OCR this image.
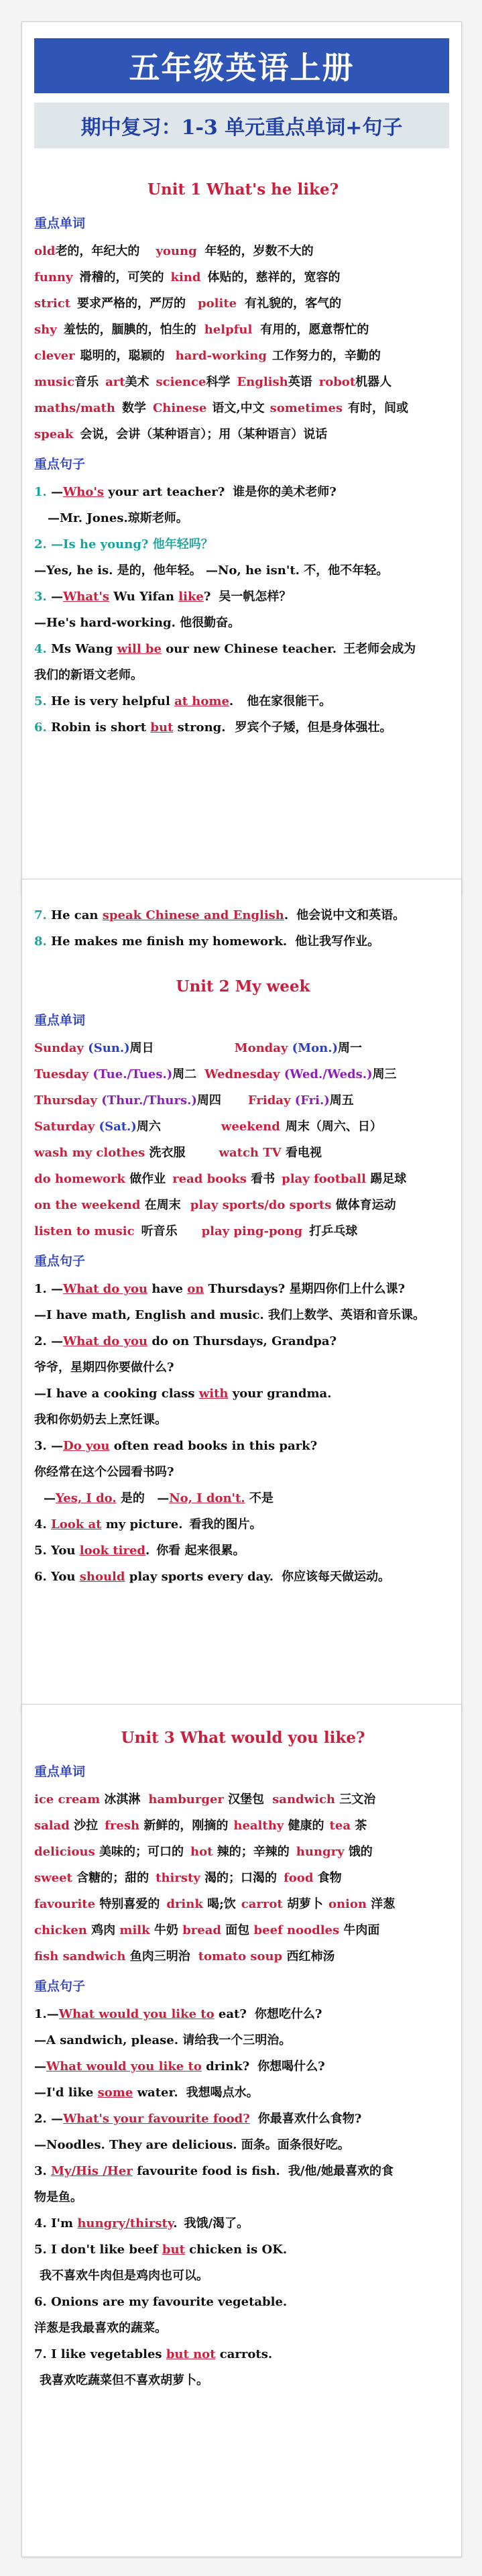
五年级英语上册
期中复习：1-3 单元重点单词+句子
Unit 1 What's he like?
重点单词

old老的，年纪大的 young 年轻的，岁数不大的

funny 滑稽的，可笑的 kind 体贴的，慈祥的，宽容的

strict 要求严格的，严厉的 polite 有礼貌的，客气的

shy 羞怯的，腼腆的，怕生的 helpful 有用的，愿意帮忙的

clever 聪明的，聪颖的 hard-working 工作努力的，辛勤的

music音乐 art美术 science科学 English英语 robot机器人

maths/math 数学 Chinese 语文,中文 sometimes 有时，间或

speak 会说，会讲（某种语言）；用（某种语言）说话

重点句子

1. —Who's your art teacher? 谁是你的美术老师?

—Mr. Jones.琼斯老师。

2. —Is he young? 他年轻吗？

—Yes, he is. 是的，他年轻。 —No, he isn't. 不，他不年轻。

3. —What's Wu Yifan like? 吴一帆怎样？

—He's hard-working. 他很勤奋。

4. Ms Wang will be our new Chinese teacher. 王老师会成为

我们的新语文老师。

5. He is very helpful at home. 他在家很能干。

6. Robin is short but strong. 罗宾个子矮，但是身体强壮。

7. He can speak Chinese and English. 他会说中文和英语。

8. He makes me finish my homework. 他让我写作业。

Unit 2 My week
重点单词

Sunday (Sun.)周日	Monday (Mon.)周一

Tuesday (Tue./Tues.)周二 Wednesday (Wed./Weds.)周三

Thursday (Thur./Thurs.)周四 Friday (Fri.)周五

Saturday (Sat.)周六	weekend 周末（周六、日）

wash my clothes 洗衣服	watch TV 看电视

do homework 做作业 read books 看书 play football 踢足球

on the weekend 在周末 play sports/do sports 做体育运动

listen to music 听音乐 play ping-pong 打乒乓球

重点句子

1. —What do you have on Thursdays? 星期四你们上什么课?

—I have math, English and music. 我们上数学、英语和音乐课。

2. —What do you do on Thursdays, Grandpa?

爷爷，星期四你要做什么?

—I have a cooking class with your grandma.

我和你奶奶去上烹饪课。

3. —Do you often read books in this park?

你经常在这个公园看书吗?

—Yes, I do. 是的 —No, I don't. 不是

4. Look at my picture. 看我的图片。

5. You look tired. 你看 起来很累。

6. You should play sports every day. 你应该每天做运动。

Unit 3 What would you like?
重点单词

ice cream 冰淇淋 hamburger 汉堡包 sandwich 三文治

salad 沙拉 fresh 新鲜的，刚摘的 healthy 健康的 tea 茶

delicious 美味的；可口的 hot 辣的；辛辣的 hungry 饿的

sweet 含糖的；甜的 thirsty 渴的；口渴的 food 食物

favourite 特别喜爱的 drink 喝;饮 carrot 胡萝卜 onion 洋葱

chicken 鸡肉 milk 牛奶 bread 面包 beef noodles 牛肉面

fish sandwich 鱼肉三明治 tomato soup 西红柿汤

重点句子

1.—What would you like to eat? 你想吃什么?

—A sandwich, please. 请给我一个三明治。

—What would you like to drink? 你想喝什么?

—I'd like some water. 我想喝点水。

2. —What's your favourite food? 你最喜欢什么食物?

—Noodles. They are delicious. 面条。面条很好吃。

3. My/His /Her favourite food is fish. 我/他/她最喜欢的食

物是鱼。

4. I'm hungry/thirsty. 我饿/渴了。

5. I don't like beef but chicken is OK.

我不喜欢牛肉但是鸡肉也可以。

6. Onions are my favourite vegetable.

洋葱是我最喜欢的蔬菜。

7. I like vegetables but not carrots.

我喜欢吃蔬菜但不喜欢胡萝卜。
